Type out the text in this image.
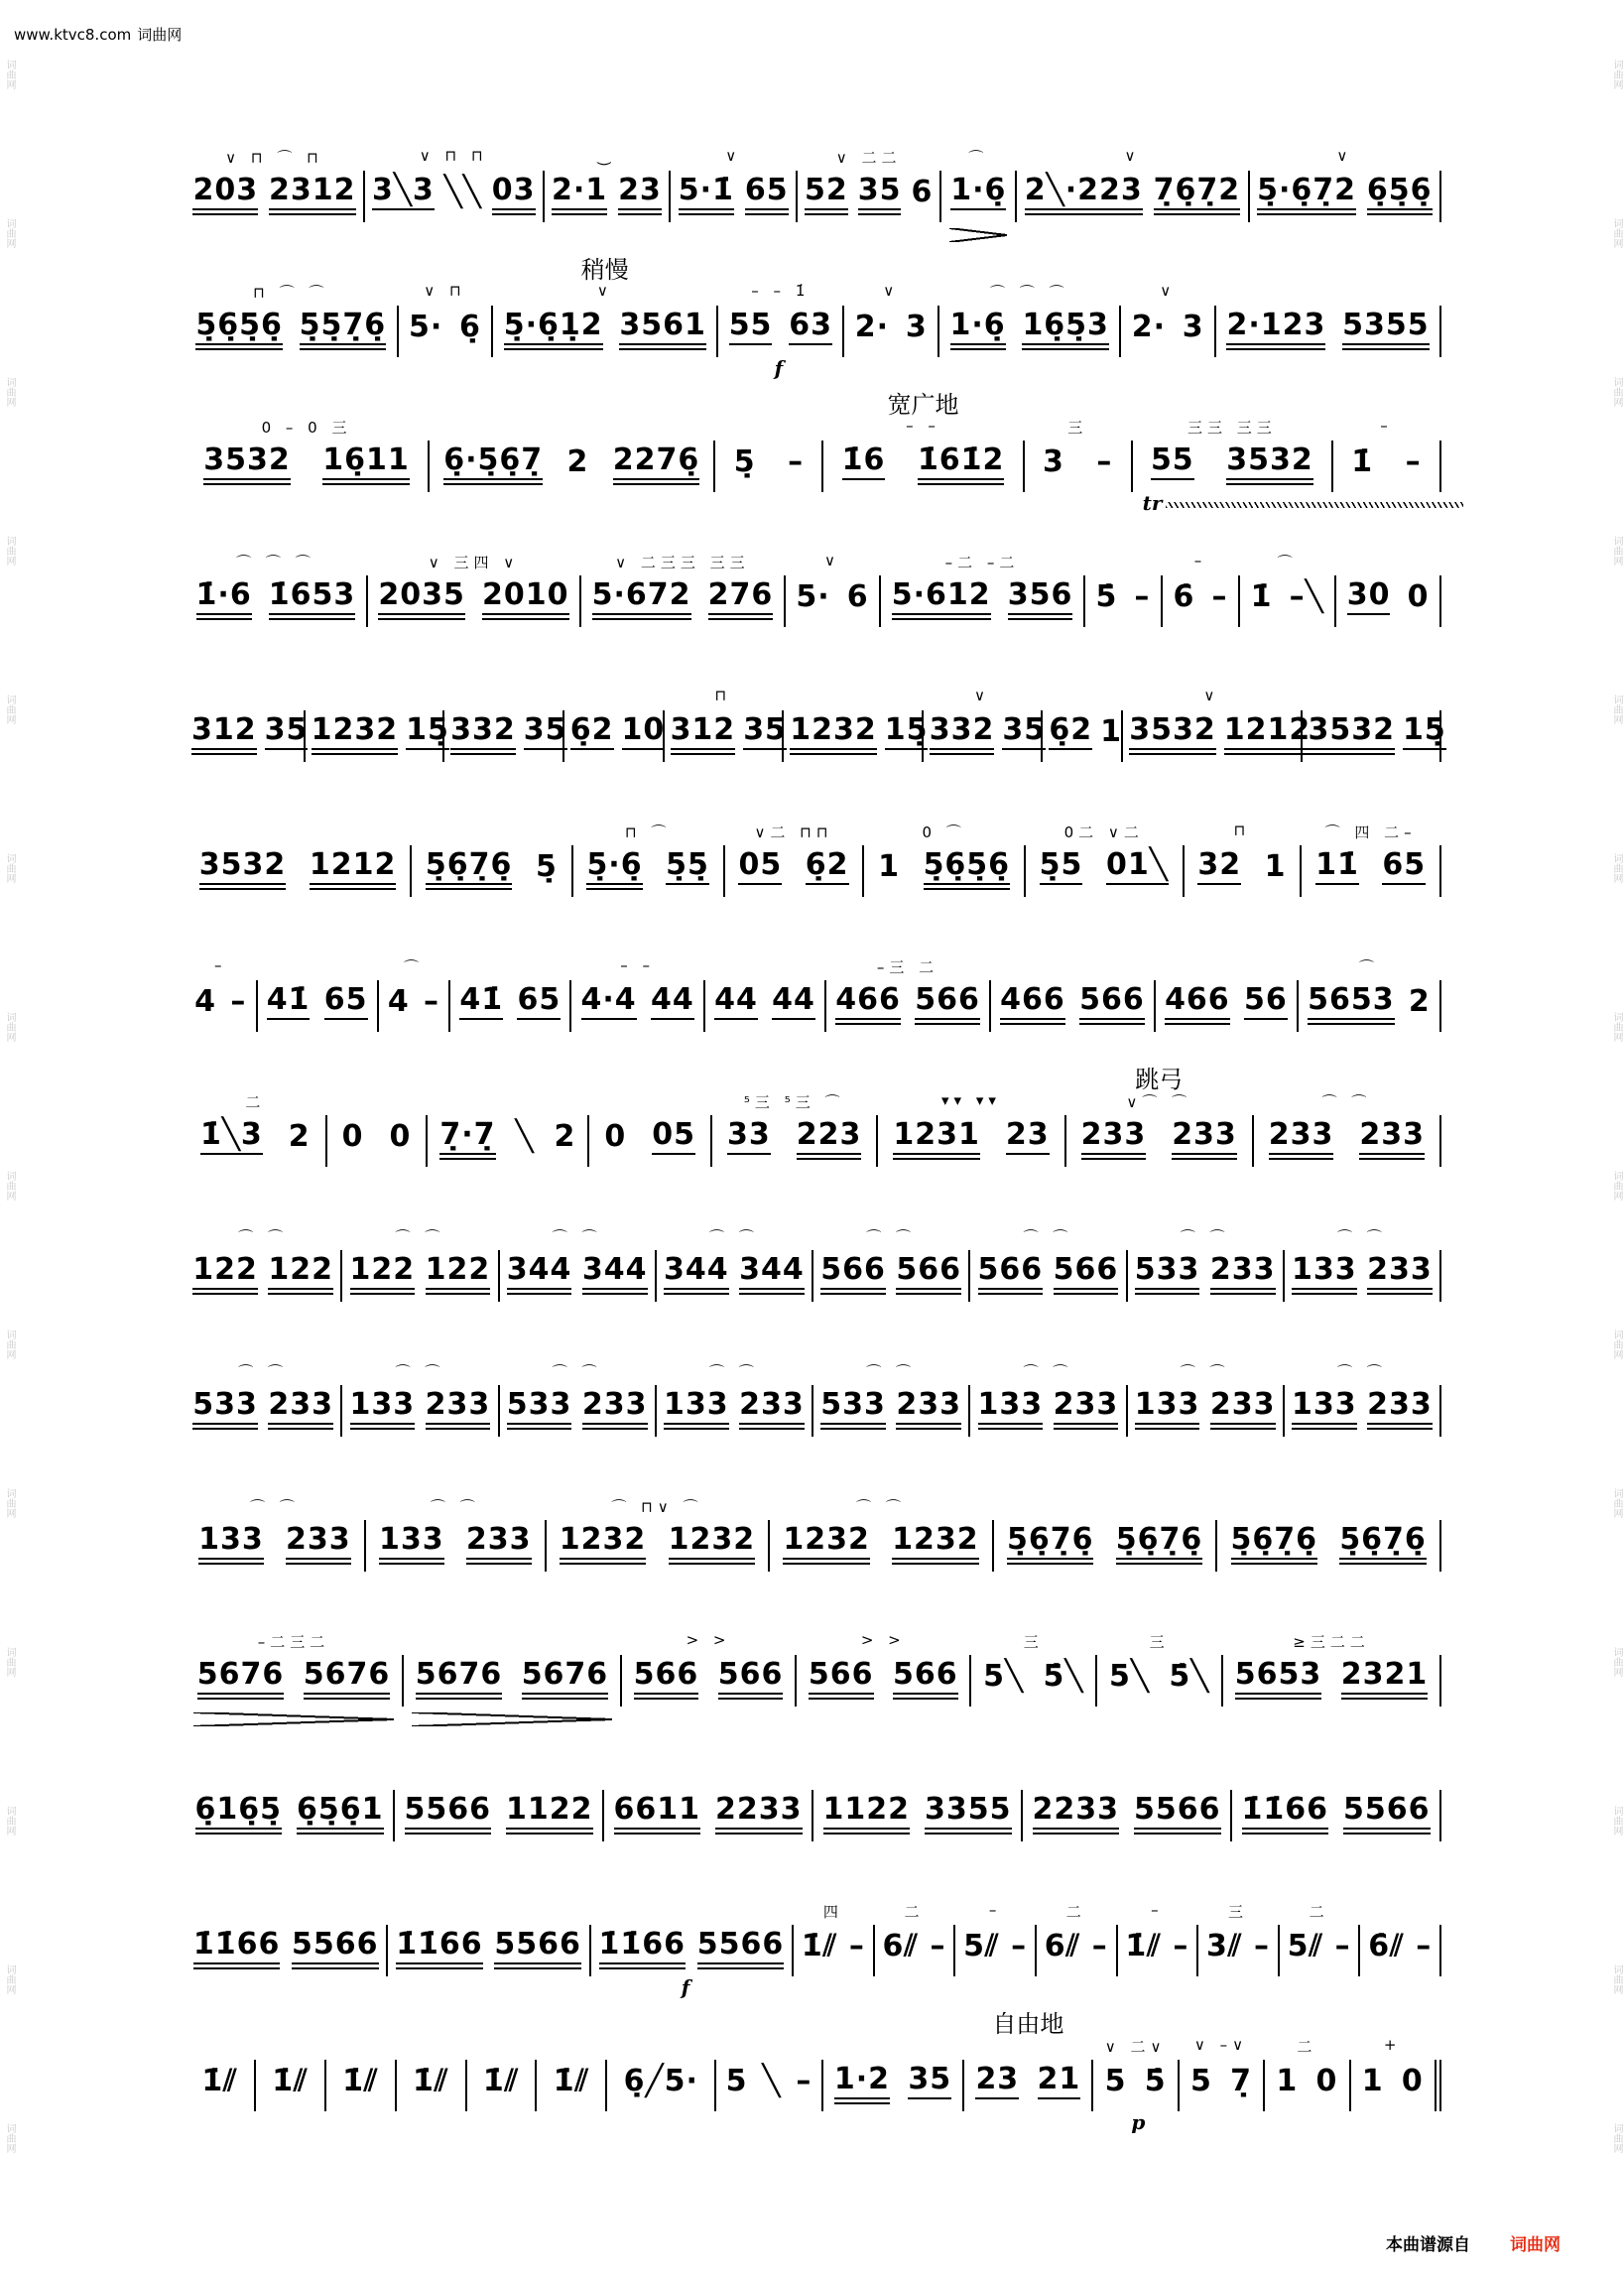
www.ktvc8.com 词曲网
∨ ⊓ ⌒ ⊓
203 2312
∨ ⊓ ⊓
3╲3 ╲╲ 03
⏝
2·1 23
∨
5·1̇ 65
∨ 二二
52 35 6
⌒
1·6̣
∨
2╲·223 7̣6̣7̣2
∨
5̣·6̣7̣2 6̣5̣6̣
⊓ ⌒ ⌒
5̣6̣5̣6̣ 5̣5̣7̣6̣
∨ ⊓
5· 6̣
稍慢
∨
5̣·6̣1̣2 3561
– – 1̇
55 63
f
∨
2· 3
⌒ ⌒ ⌒
1·6̣ 16̣5̣3
∨
2· 3 2·123 5355
0 – 0 三
3532 16̣11 6̣·5̣6̣7̣ 2 2276̣ 5̣ –
宽广地
– –
1̇6 1̇61̇2
三
3 –
三三 三三
55 3532
tr
–
1̇ –
⌒ ⌒ ⌒
1̇·6 1̇653
∨ 三四 ∨
2035 2010
∨ 二三三 三三
5·672 276
∨
5· 6
–二 –二
5·612 356 5̇ –
–
6̇ –
⌒
1̇ –╲ 30 0
312 35 1232 15̣ 332 35 6̣2 10
⊓
312 35 1232 15̣
∨
332 35 6̣2 1
∨
3532 1212
3532 15̣
3532 1212 5̣6̣7̣6̣ 5̣
⊓ ⌒
5̣·6̣ 5̣5̣
∨二 ⊓⊓
05 6̣2
0 ⌒
1 5̣6̣5̣6̣
0二 ∨二
5̣5 01╲
⊓
32 1
⌒ 四 二–
11̇ 65
–
4 – 41̇ 65
⌒
4 – 41̇ 65
– –
4·4 44 44 44
–三 二
466 566 466 566 466 56
⌒
5653 2
二
1̇╲3 2 0 0 7̣·7̣ ╲ 2 0 05
⁵三 ⁵三 ⌒
33 223
▾▾ ▾▾
1231 23
跳弓
∨⌒ ⌒
233 233
⌒ ⌒
233 233
⌒ ⌒
122 122
⌒ ⌒
122 122
⌒ ⌒
344 344
⌒ ⌒
344 344
⌒ ⌒
566 566
⌒ ⌒
566 566
⌒ ⌒
533 233
⌒ ⌒
133 233
⌒ ⌒
533 233
⌒ ⌒
133 233
⌒ ⌒
533 233
⌒ ⌒
133 233
⌒ ⌒
533 233
⌒ ⌒
133 233
⌒ ⌒
133 233
⌒ ⌒
133 233
⌒ ⌒
133 233
⌒ ⌒
133 233
⌒ ⊓∨ ⌒
1232 1232
⌒ ⌒
1232 1232 5̣6̣7̣6̣ 5̣6̣7̣6̣ 5̣6̣7̣6̣ 5̣6̣7̣6̣
–二三二
5676 5676 5676 5676
> >
566 566
> >
566 566
三
5╲ 5̇╲
三
5╲ 5̇╲
≥三二二
5653 2321
6̣16̣5̣ 6̣5̣6̣1 5566 1122 6611 2233 1122 3355 2233 5566 1̇1̇66 5566
1̇1̇66 5566 1̇1̇66 5566 1̇1̇66 5566
f
四
1̇⫽ –
二
6⫽ –
–
5⫽ –
二
6⫽ –
–
1̇⫽ –
三
3⫽ –
二
5⫽ – 6̇⫽ –
1̇⫽ 1̇⫽ 1̇⫽ 1̇⫽ 1̇⫽ 1̇⫽ 6̣╱5· 5 ╲ – 1·2 35
自由地
23 21
∨ 二∨
5 5̇
p
∨ –∨
5 7̣
二
1 0
+
1 0
本曲谱源自 词曲网
词曲网	词曲网
词曲网	词曲网
词曲网	词曲网
词曲网	词曲网
词曲网	词曲网
词曲网	词曲网
词曲网	词曲网
词曲网	词曲网
词曲网	词曲网
词曲网	词曲网
词曲网	词曲网
词曲网	词曲网
词曲网	词曲网
词曲网	词曲网
